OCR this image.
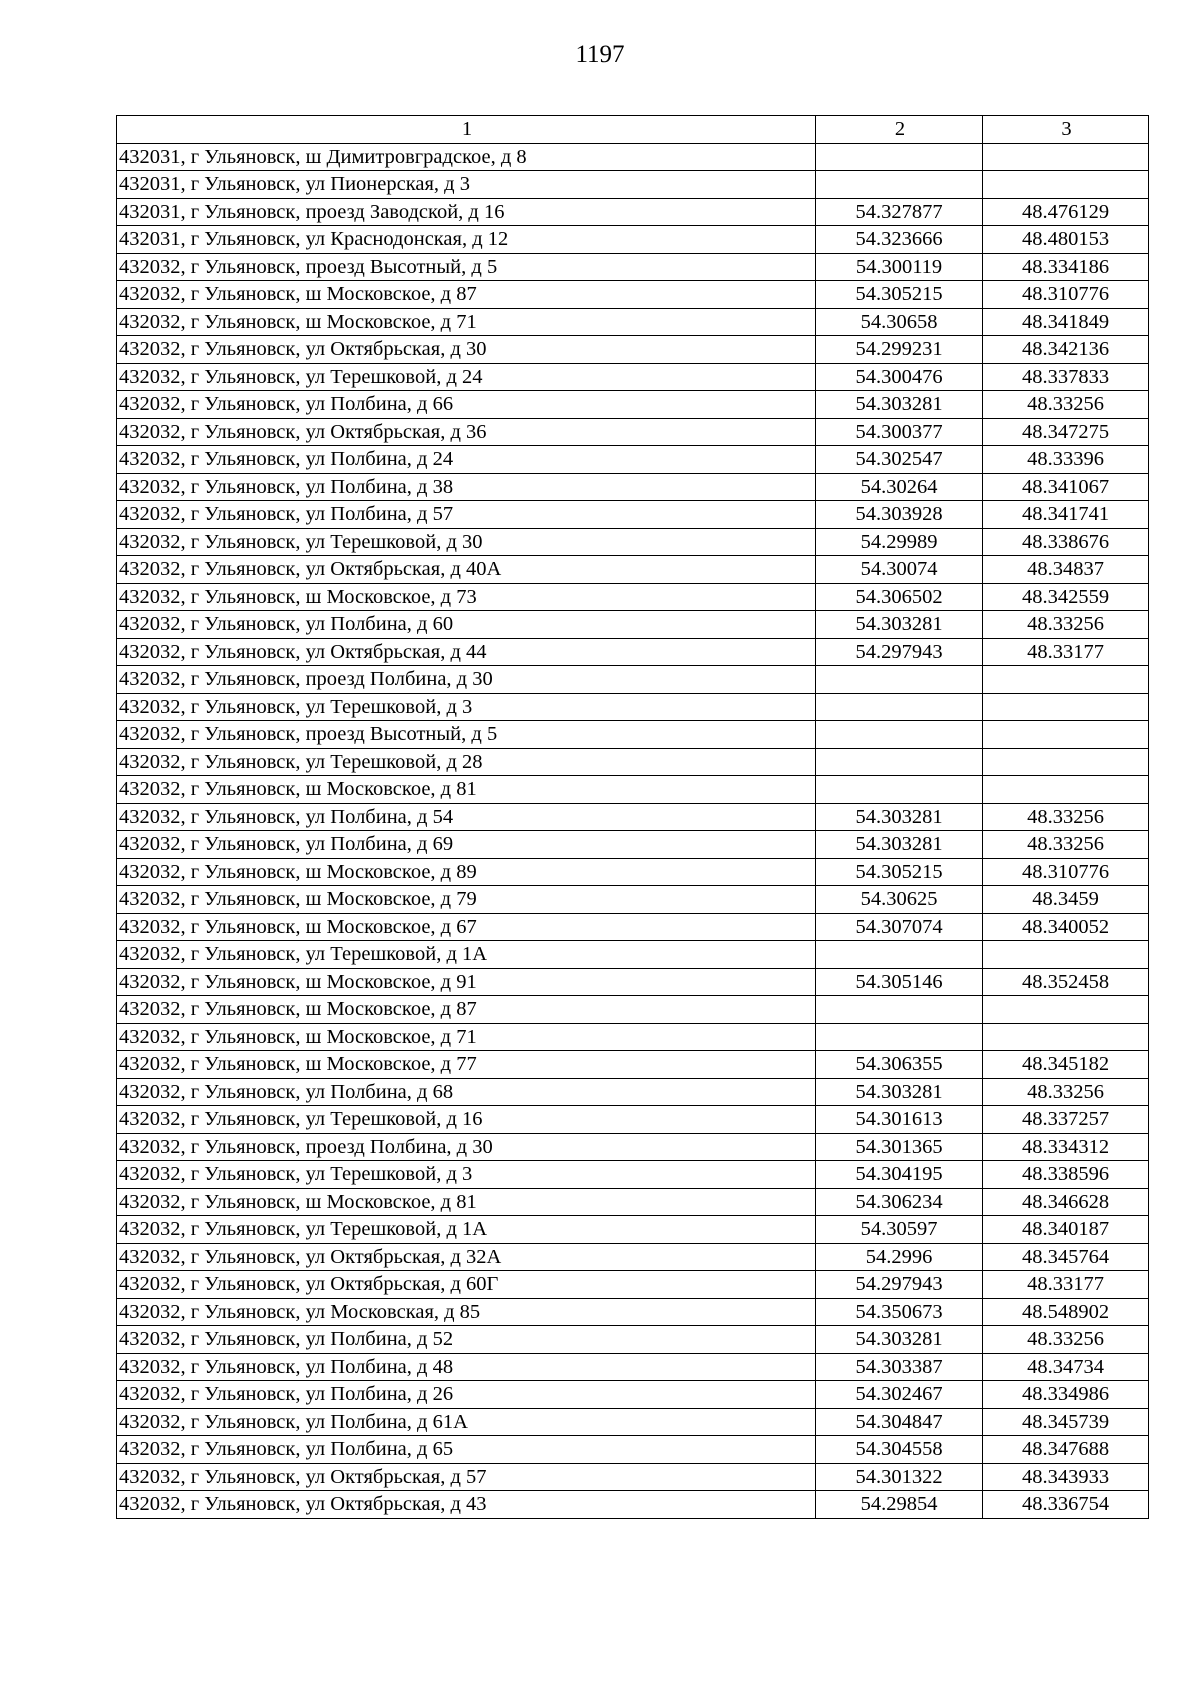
1197
1	2	3
432031, г Ульяновск, ш Димитровградское, д 8		
432031, г Ульяновск, ул Пионерская, д 3		
432031, г Ульяновск, проезд Заводской, д 16	54.327877	48.476129
432031, г Ульяновск, ул Краснодонская, д 12	54.323666	48.480153
432032, г Ульяновск, проезд Высотный, д 5	54.300119	48.334186
432032, г Ульяновск, ш Московское, д 87	54.305215	48.310776
432032, г Ульяновск, ш Московское, д 71	54.30658	48.341849
432032, г Ульяновск, ул Октябрьская, д 30	54.299231	48.342136
432032, г Ульяновск, ул Терешковой, д 24	54.300476	48.337833
432032, г Ульяновск, ул Полбина, д 66	54.303281	48.33256
432032, г Ульяновск, ул Октябрьская, д 36	54.300377	48.347275
432032, г Ульяновск, ул Полбина, д 24	54.302547	48.33396
432032, г Ульяновск, ул Полбина, д 38	54.30264	48.341067
432032, г Ульяновск, ул Полбина, д 57	54.303928	48.341741
432032, г Ульяновск, ул Терешковой, д 30	54.29989	48.338676
432032, г Ульяновск, ул Октябрьская, д 40А	54.30074	48.34837
432032, г Ульяновск, ш Московское, д 73	54.306502	48.342559
432032, г Ульяновск, ул Полбина, д 60	54.303281	48.33256
432032, г Ульяновск, ул Октябрьская, д 44	54.297943	48.33177
432032, г Ульяновск, проезд Полбина, д 30		
432032, г Ульяновск, ул Терешковой, д 3		
432032, г Ульяновск, проезд Высотный, д 5		
432032, г Ульяновск, ул Терешковой, д 28		
432032, г Ульяновск, ш Московское, д 81		
432032, г Ульяновск, ул Полбина, д 54	54.303281	48.33256
432032, г Ульяновск, ул Полбина, д 69	54.303281	48.33256
432032, г Ульяновск, ш Московское, д 89	54.305215	48.310776
432032, г Ульяновск, ш Московское, д 79	54.30625	48.3459
432032, г Ульяновск, ш Московское, д 67	54.307074	48.340052
432032, г Ульяновск, ул Терешковой, д 1А		
432032, г Ульяновск, ш Московское, д 91	54.305146	48.352458
432032, г Ульяновск, ш Московское, д 87		
432032, г Ульяновск, ш Московское, д 71		
432032, г Ульяновск, ш Московское, д 77	54.306355	48.345182
432032, г Ульяновск, ул Полбина, д 68	54.303281	48.33256
432032, г Ульяновск, ул Терешковой, д 16	54.301613	48.337257
432032, г Ульяновск, проезд Полбина, д 30	54.301365	48.334312
432032, г Ульяновск, ул Терешковой, д 3	54.304195	48.338596
432032, г Ульяновск, ш Московское, д 81	54.306234	48.346628
432032, г Ульяновск, ул Терешковой, д 1А	54.30597	48.340187
432032, г Ульяновск, ул Октябрьская, д 32А	54.2996	48.345764
432032, г Ульяновск, ул Октябрьская, д 60Г	54.297943	48.33177
432032, г Ульяновск, ул Московская, д 85	54.350673	48.548902
432032, г Ульяновск, ул Полбина, д 52	54.303281	48.33256
432032, г Ульяновск, ул Полбина, д 48	54.303387	48.34734
432032, г Ульяновск, ул Полбина, д 26	54.302467	48.334986
432032, г Ульяновск, ул Полбина, д 61А	54.304847	48.345739
432032, г Ульяновск, ул Полбина, д 65	54.304558	48.347688
432032, г Ульяновск, ул Октябрьская, д 57	54.301322	48.343933
432032, г Ульяновск, ул Октябрьская, д 43	54.29854	48.336754
